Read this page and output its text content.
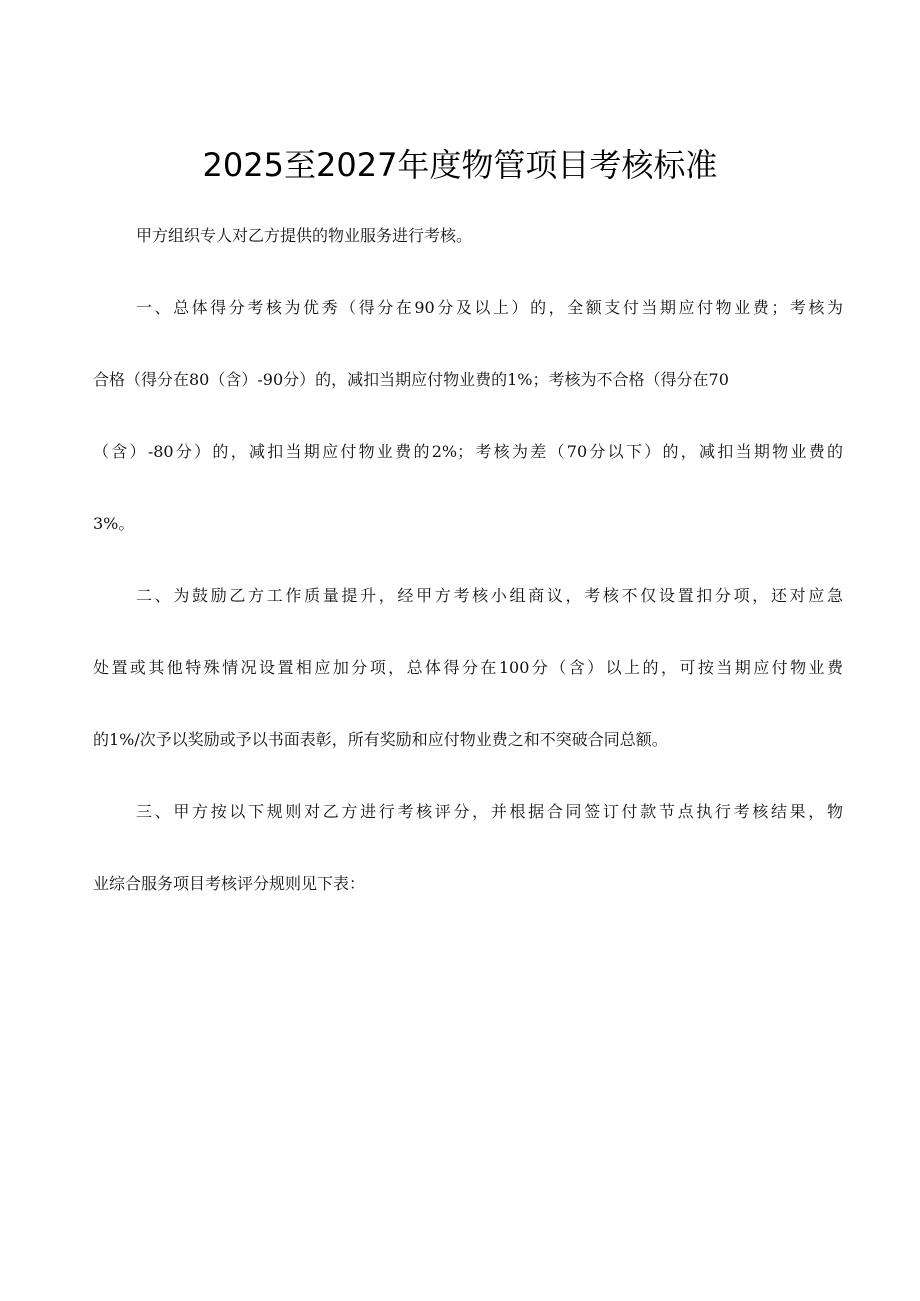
2025至2027年度物管项目考核标准
甲方组织专人对乙方提供的物业服务进行考核。
一、总体得分考核为优秀（得分在90分及以上）的，全额支付当期应付物业费；考核为
合格（得分在80（含）-90分）的，减扣当期应付物业费的1%；考核为不合格（得分在70
（含）-80分）的，减扣当期应付物业费的2%；考核为差（70分以下）的，减扣当期物业费的
3%。
二、为鼓励乙方工作质量提升，经甲方考核小组商议，考核不仅设置扣分项，还对应急
处置或其他特殊情况设置相应加分项，总体得分在100分（含）以上的，可按当期应付物业费
的1%/次予以奖励或予以书面表彰，所有奖励和应付物业费之和不突破合同总额。
三、甲方按以下规则对乙方进行考核评分，并根据合同签订付款节点执行考核结果，物
业综合服务项目考核评分规则见下表：
